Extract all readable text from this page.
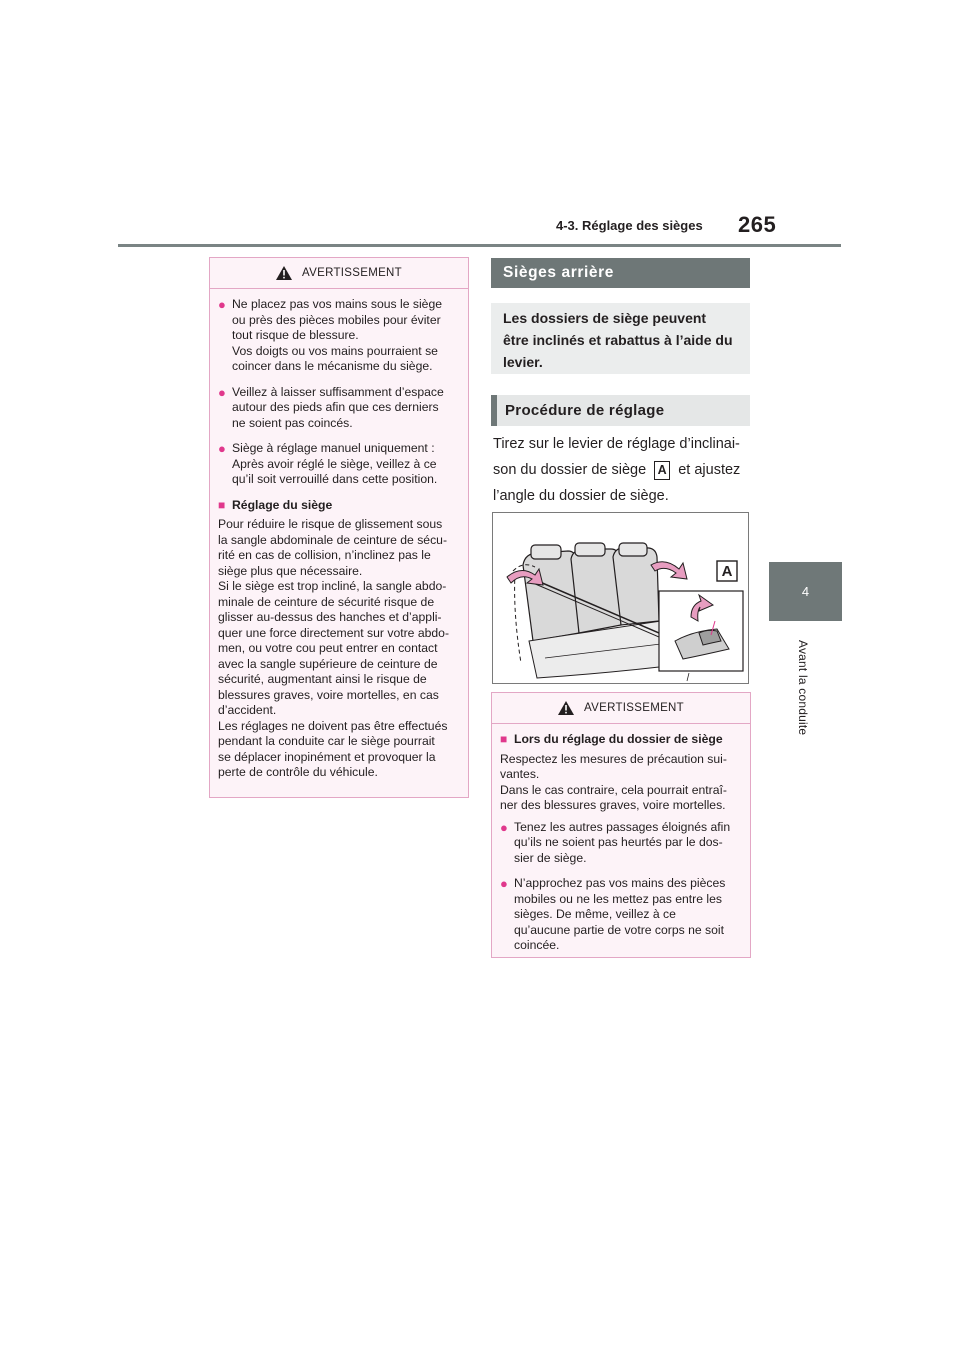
4-3. Réglage des sièges 265
4
Avant la conduite
AVERTISSEMENT
● Ne placez pas vos mains sous le siège
ou près des pièces mobiles pour éviter
tout risque de blessure.
Vos doigts ou vos mains pourraient se
coincer dans le mécanisme du siège.
● Veillez à laisser suffisamment d’espace
autour des pieds afin que ces derniers
ne soient pas coincés.
● Siège à réglage manuel uniquement :
Après avoir réglé le siège, veillez à ce
qu’il soit verrouillé dans cette position.
■ Réglage du siège
Pour réduire le risque de glissement sous
la sangle abdominale de ceinture de sécu-
rité en cas de collision, n’inclinez pas le
siège plus que nécessaire.
Si le siège est trop incliné, la sangle abdo-
minale de ceinture de sécurité risque de
glisser au-dessus des hanches et d’appli-
quer une force directement sur votre abdo-
men, ou votre cou peut entrer en contact
avec la sangle supérieure de ceinture de
sécurité, augmentant ainsi le risque de
blessures graves, voire mortelles, en cas
d’accident.
Les réglages ne doivent pas être effectués
pendant la conduite car le siège pourrait
se déplacer inopinément et provoquer la
perte de contrôle du véhicule.
Sièges arrière
Les dossiers de siège peuvent
être inclinés et rabattus à l’aide du
levier.
Procédure de réglage
Tirez sur le levier de réglage d’inclinai-
son du dossier de siège A et ajustez
l’angle du dossier de siège.
A
AVERTISSEMENT
■ Lors du réglage du dossier de siège
Respectez les mesures de précaution sui-
vantes.
Dans le cas contraire, cela pourrait entraî-
ner des blessures graves, voire mortelles.
● Tenez les autres passages éloignés afin
qu’ils ne soient pas heurtés par le dos-
sier de siège.
● N’approchez pas vos mains des pièces
mobiles ou ne les mettez pas entre les
sièges. De même, veillez à ce
qu’aucune partie de votre corps ne soit
coincée.
